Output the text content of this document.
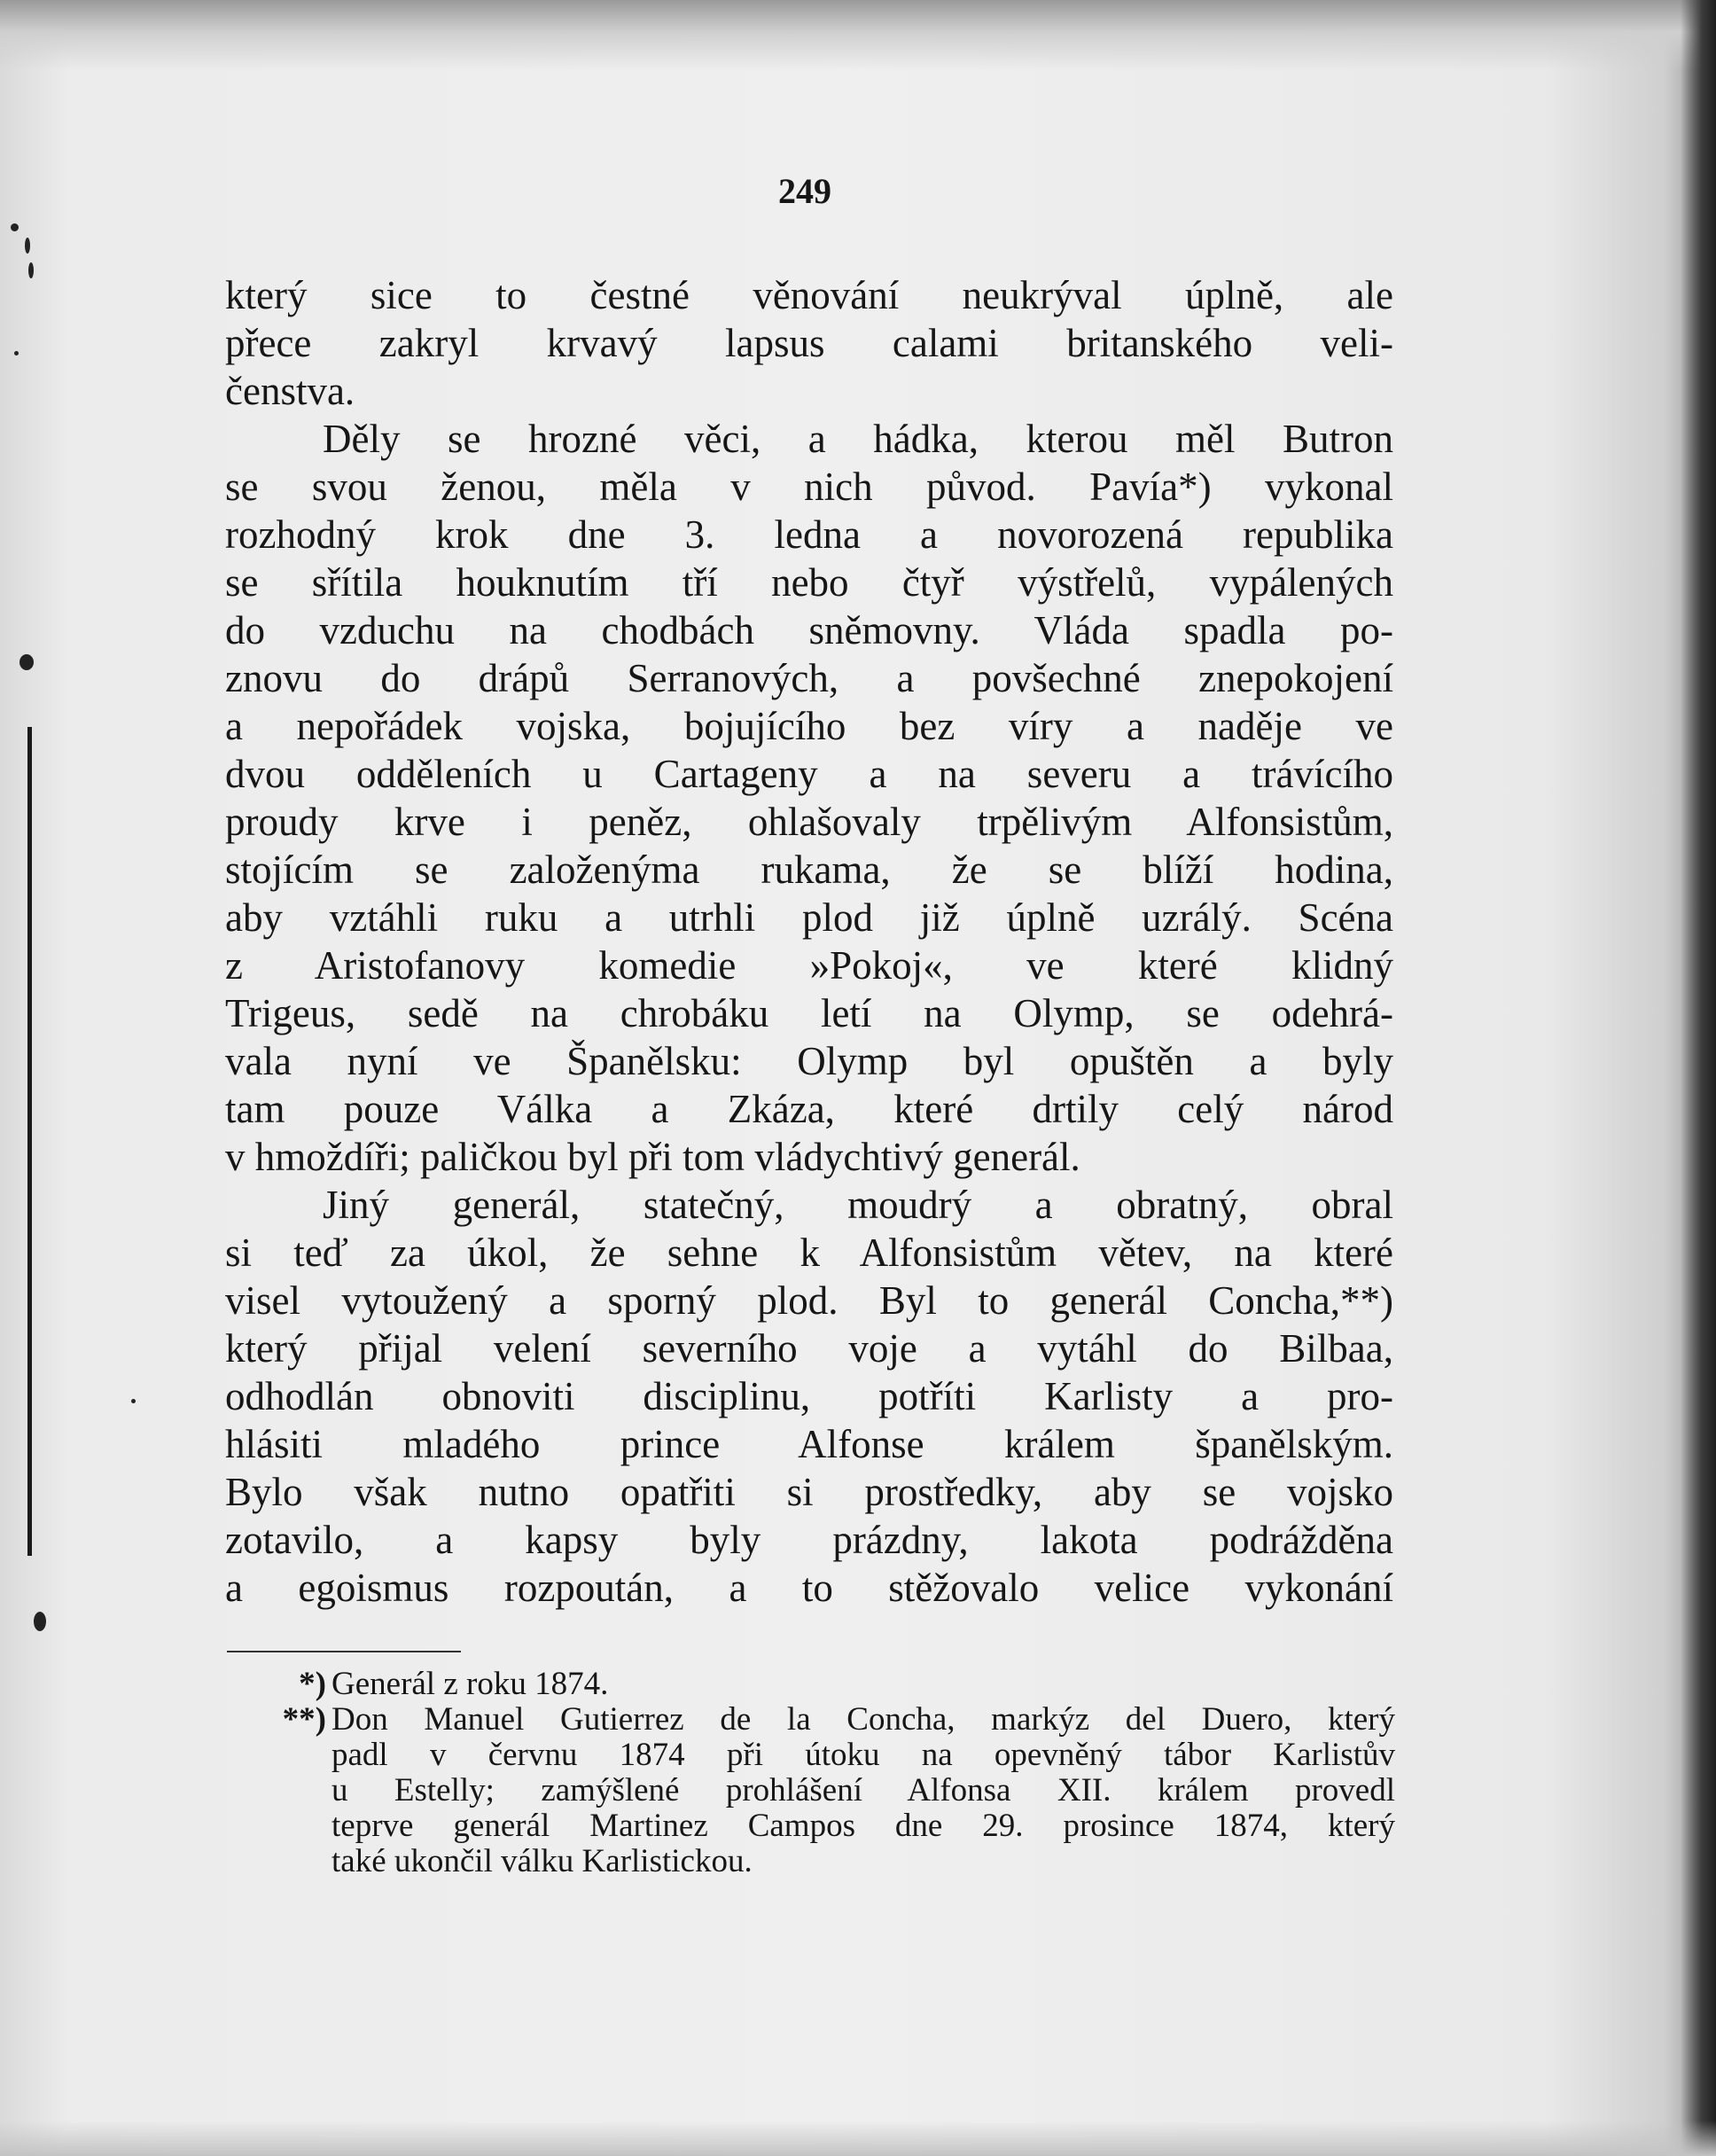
249
který sice to čestné věnování neukrýval úplně, ale
přece zakryl krvavý lapsus calami britanského veli-
čenstva.
Děly se hrozné věci, a hádka, kterou měl Butron
se svou ženou, měla v nich původ. Pavía*) vykonal
rozhodný krok dne 3. ledna a novorozená republika
se sřítila houknutím tří nebo čtyř výstřelů, vypálených
do vzduchu na chodbách sněmovny. Vláda spadla po-
znovu do drápů Serranových, a povšechné znepokojení
a nepořádek vojska, bojujícího bez víry a naděje ve
dvou odděleních u Cartageny a na severu a trávícího
proudy krve i peněz, ohlašovaly trpělivým Alfonsistům,
stojícím se založenýma rukama, že se blíží hodina,
aby vztáhli ruku a utrhli plod již úplně uzrálý. Scéna
z Aristofanovy komedie »Pokoj«, ve které klidný
Trigeus, sedě na chrobáku letí na Olymp, se odehrá-
vala nyní ve Španělsku: Olymp byl opuštěn a byly
tam pouze Válka a Zkáza, které drtily celý národ
v hmoždíři; paličkou byl při tom vládychtivý generál.
Jiný generál, statečný, moudrý a obratný, obral
si teď za úkol, že sehne k Alfonsistům větev, na které
visel vytoužený a sporný plod. Byl to generál Concha,**)
který přijal velení severního voje a vytáhl do Bilbaa,
odhodlán obnoviti disciplinu, potříti Karlisty a pro-
hlásiti mladého prince Alfonse králem španělským.
Bylo však nutno opatřiti si prostředky, aby se vojsko
zotavilo, a kapsy byly prázdny, lakota podrážděna
a egoismus rozpoután, a to stěžovalo velice vykonání
*) Generál z roku 1874.
**) Don Manuel Gutierrez de la Concha, markýz del Duero, který
padl v červnu 1874 při útoku na opevněný tábor Karlistův
u Estelly; zamýšlené prohlášení Alfonsa XII. králem provedl
teprve generál Martinez Campos dne 29. prosince 1874, který
také ukončil válku Karlistickou.
